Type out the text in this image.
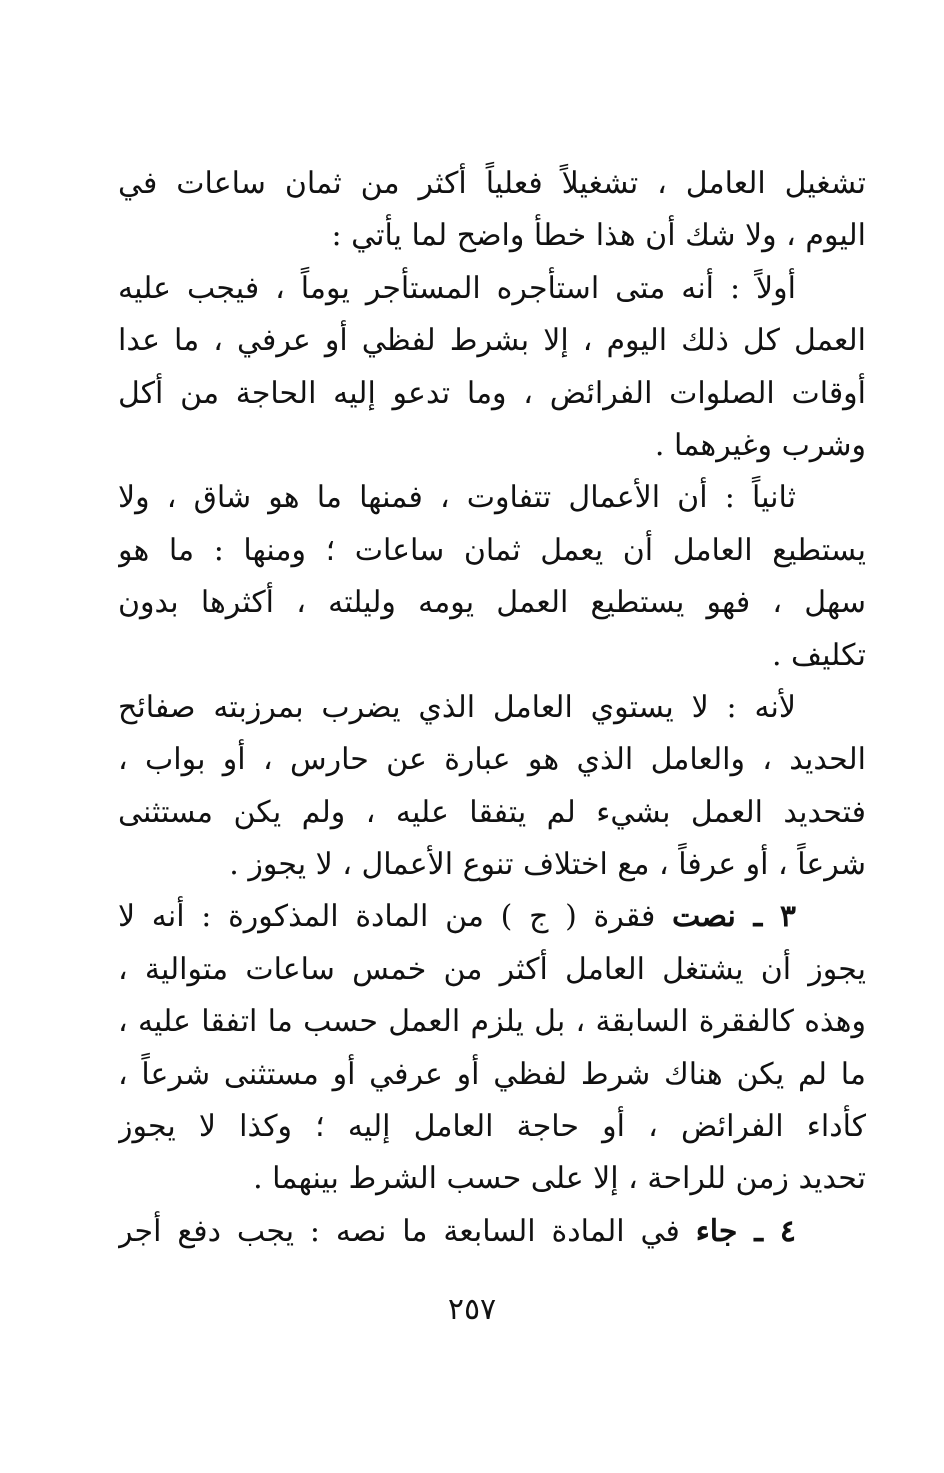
تشغيل العامل ، تشغيلاً فعلياً أكثر من ثمان ساعات في
اليوم ، ولا شك أن هذا خطأ واضح لما يأتي :
أولاً : أنه متى استأجره المستأجر يوماً ، فيجب عليه
العمل كل ذلك اليوم ، إلا بشرط لفظي أو عرفي ، ما عدا
أوقات الصلوات الفرائض ، وما تدعو إليه الحاجة من أكل
وشرب وغيرهما .
ثانياً : أن الأعمال تتفاوت ، فمنها ما هو شاق ، ولا
يستطيع العامل أن يعمل ثمان ساعات ؛ ومنها : ما هو
سهل ، فهو يستطيع العمل يومه وليلته ، أكثرها بدون
تكليف .
لأنه : لا يستوي العامل الذي يضرب بمرزبته صفائح
الحديد ، والعامل الذي هو عبارة عن حارس ، أو بواب ،
فتحديد العمل بشيء لم يتفقا عليه ، ولم يكن مستثنى
شرعاً ، أو عرفاً ، مع اختلاف تنوع الأعمال ، لا يجوز .
٣ ـ نصت فقرة ( ج ) من المادة المذكورة : أنه لا
يجوز أن يشتغل العامل أكثر من خمس ساعات متوالية ،
وهذه كالفقرة السابقة ، بل يلزم العمل حسب ما اتفقا عليه ،
ما لم يكن هناك شرط لفظي أو عرفي أو مستثنى شرعاً ،
كأداء الفرائض ، أو حاجة العامل إليه ؛ وكذا لا يجوز
تحديد زمن للراحة ، إلا على حسب الشرط بينهما .
٤ ـ جاء في المادة السابعة ما نصه : يجب دفع أجر
٢٥٧
